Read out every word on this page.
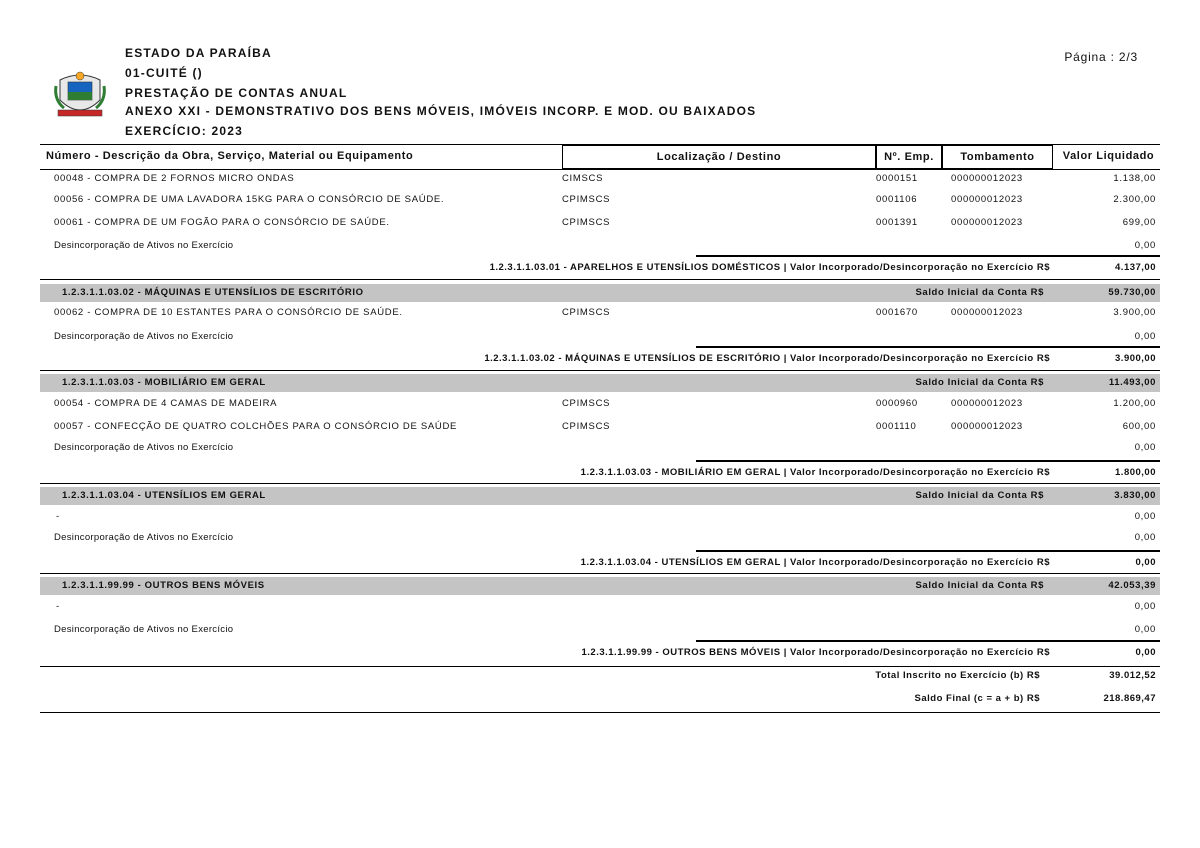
ESTADO DA PARAÍBA
01-CUITÉ ()
PRESTAÇÃO DE CONTAS ANUAL
ANEXO XXI - DEMONSTRATIVO DOS BENS MÓVEIS, IMÓVEIS INCORP. E MOD. OU BAIXADOS
EXERCÍCIO: 2023
Página : 2/3
Número - Descrição da Obra, Serviço, Material ou Equipamento	Localização / Destino	Nº. Emp.	Tombamento	Valor Liquidado
00048 - COMPRA DE 2 FORNOS MICRO ONDAS	CIMSCS	0000151	000000012023	1.138,00
00056 - COMPRA DE UMA LAVADORA 15KG PARA O CONSÓRCIO DE SAÚDE.	CPIMSCS	0001106	000000012023	2.300,00
00061 - COMPRA DE UM FOGÃO PARA O CONSÓRCIO DE SAÚDE.	CPIMSCS	0001391	000000012023	699,00
Desincorporação de Ativos no Exercício	0,00
1.2.3.1.1.03.01 - APARELHOS E UTENSÍLIOS DOMÉSTICOS | Valor Incorporado/Desincorporação no Exercício R$	4.137,00
1.2.3.1.1.03.02 - MÁQUINAS E UTENSÍLIOS DE ESCRITÓRIO	Saldo Inicial da Conta R$	59.730,00
00062 - COMPRA DE 10 ESTANTES PARA O CONSÓRCIO DE SAÚDE.	CPIMSCS	0001670	000000012023	3.900,00
Desincorporação de Ativos no Exercício	0,00
1.2.3.1.1.03.02 - MÁQUINAS E UTENSÍLIOS DE ESCRITÓRIO | Valor Incorporado/Desincorporação no Exercício R$	3.900,00
1.2.3.1.1.03.03 - MOBILIÁRIO EM GERAL	Saldo Inicial da Conta R$	11.493,00
00054 - COMPRA DE 4 CAMAS DE MADEIRA	CPIMSCS	0000960	000000012023	1.200,00
00057 - CONFECÇÃO DE QUATRO COLCHÕES PARA O CONSÓRCIO DE SAÚDE	CPIMSCS	0001110	000000012023	600,00
Desincorporação de Ativos no Exercício	0,00
1.2.3.1.1.03.03 - MOBILIÁRIO EM GERAL | Valor Incorporado/Desincorporação no Exercício R$	1.800,00
1.2.3.1.1.03.04 - UTENSÍLIOS EM GERAL	Saldo Inicial da Conta R$	3.830,00
-	0,00
Desincorporação de Ativos no Exercício	0,00
1.2.3.1.1.03.04 - UTENSÍLIOS EM GERAL | Valor Incorporado/Desincorporação no Exercício R$	0,00
1.2.3.1.1.99.99 - OUTROS BENS MÓVEIS	Saldo Inicial da Conta R$	42.053,39
-	0,00
Desincorporação de Ativos no Exercício	0,00
1.2.3.1.1.99.99 - OUTROS BENS MÓVEIS | Valor Incorporado/Desincorporação no Exercício R$	0,00
Total Inscrito no Exercício (b) R$	39.012,52
Saldo Final (c = a + b) R$	218.869,47
